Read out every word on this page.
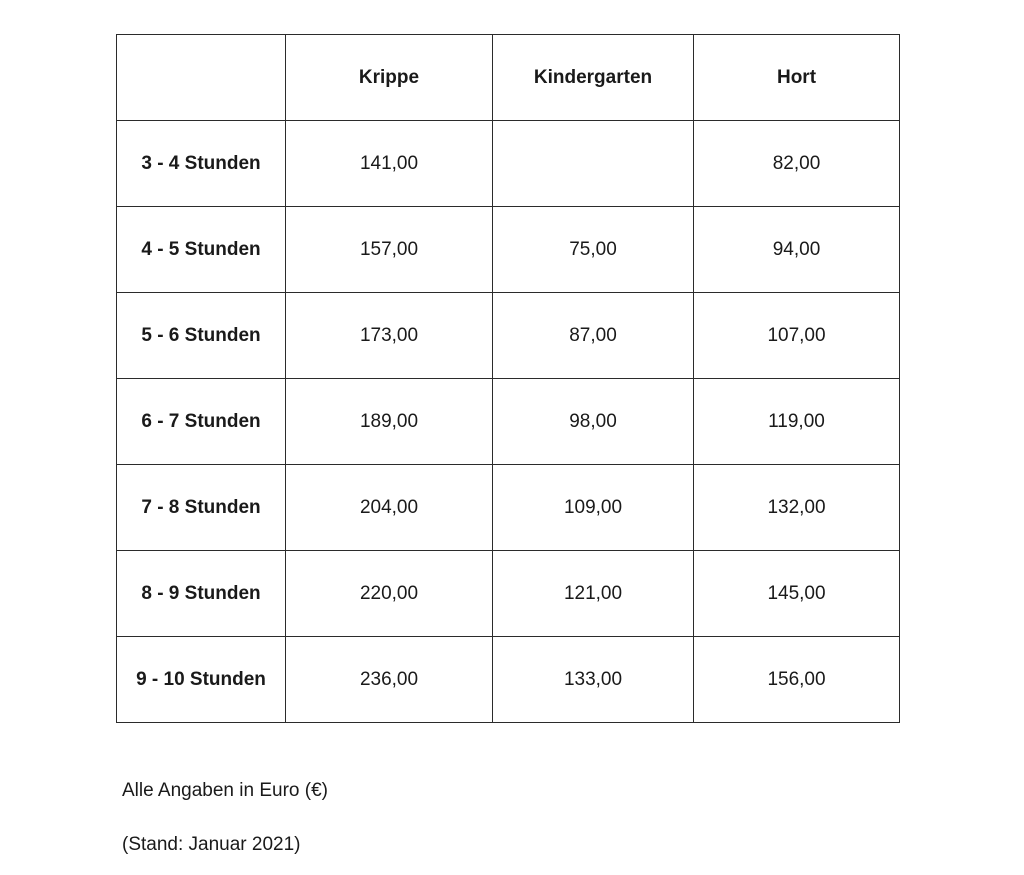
	Krippe	Kindergarten	Hort
3 - 4 Stunden	141,00		82,00
4 - 5 Stunden	157,00	75,00	94,00
5 - 6 Stunden	173,00	87,00	107,00
6 - 7 Stunden	189,00	98,00	119,00
7 - 8 Stunden	204,00	109,00	132,00
8 - 9 Stunden	220,00	121,00	145,00
9 - 10 Stunden	236,00	133,00	156,00
Alle Angaben in Euro (€)
(Stand: Januar 2021)
